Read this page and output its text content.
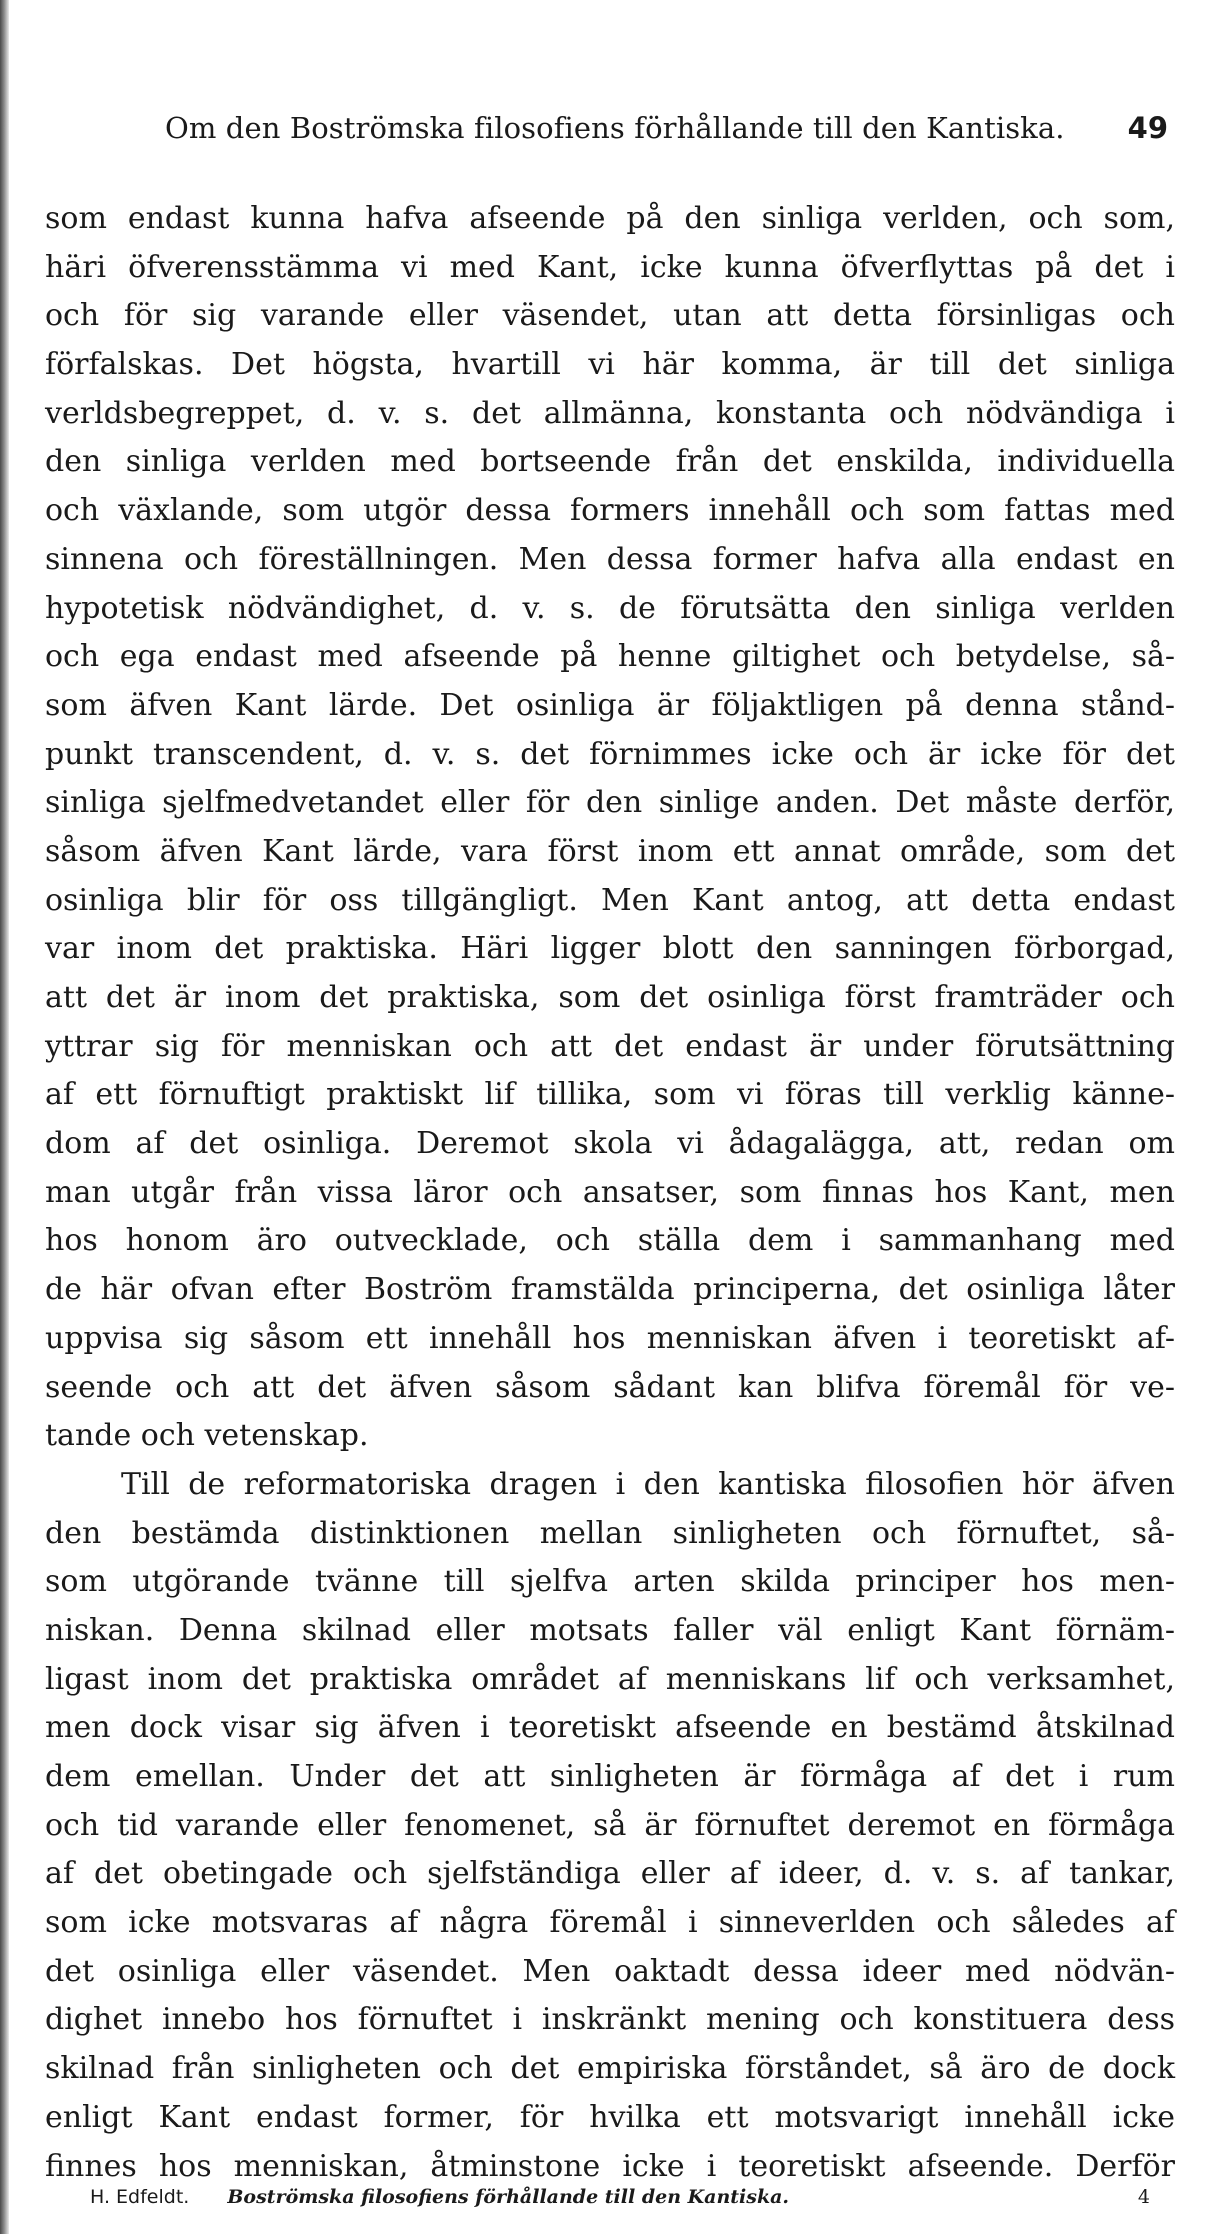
Om den Boströmska filosofiens förhållande till den Kantiska. 49
som endast kunna hafva afseende på den sinliga verlden, och som,
häri öfverensstämma vi med Kant, icke kunna öfverflyttas på det i
och för sig varande eller väsendet, utan att detta försinligas och
förfalskas. Det högsta, hvartill vi här komma, är till det sinliga
verldsbegreppet, d. v. s. det allmänna, konstanta och nödvändiga i
den sinliga verlden med bortseende från det enskilda, individuella
och växlande, som utgör dessa formers innehåll och som fattas med
sinnena och föreställningen. Men dessa former hafva alla endast en
hypotetisk nödvändighet, d. v. s. de förutsätta den sinliga verlden
och ega endast med afseende på henne giltighet och betydelse, så-
som äfven Kant lärde. Det osinliga är följaktligen på denna stånd-
punkt transcendent, d. v. s. det förnimmes icke och är icke för det
sinliga sjelfmedvetandet eller för den sinlige anden. Det måste derför,
såsom äfven Kant lärde, vara först inom ett annat område, som det
osinliga blir för oss tillgängligt. Men Kant antog, att detta endast
var inom det praktiska. Häri ligger blott den sanningen förborgad,
att det är inom det praktiska, som det osinliga först framträder och
yttrar sig för menniskan och att det endast är under förutsättning
af ett förnuftigt praktiskt lif tillika, som vi föras till verklig känne-
dom af det osinliga. Deremot skola vi ådagalägga, att, redan om
man utgår från vissa läror och ansatser, som finnas hos Kant, men
hos honom äro outvecklade, och ställa dem i sammanhang med
de här ofvan efter Boström framstälda principerna, det osinliga låter
uppvisa sig såsom ett innehåll hos menniskan äfven i teoretiskt af-
seende och att det äfven såsom sådant kan blifva föremål för ve-
tande och vetenskap.
Till de reformatoriska dragen i den kantiska filosofien hör äfven
den bestämda distinktionen mellan sinligheten och förnuftet, så-
som utgörande tvänne till sjelfva arten skilda principer hos men-
niskan. Denna skilnad eller motsats faller väl enligt Kant förnäm-
ligast inom det praktiska området af menniskans lif och verksamhet,
men dock visar sig äfven i teoretiskt afseende en bestämd åtskilnad
dem emellan. Under det att sinligheten är förmåga af det i rum
och tid varande eller fenomenet, så är förnuftet deremot en förmåga
af det obetingade och sjelfständiga eller af ideer, d. v. s. af tankar,
som icke motsvaras af några föremål i sinneverlden och således af
det osinliga eller väsendet. Men oaktadt dessa ideer med nödvän-
dighet innebo hos förnuftet i inskränkt mening och konstituera dess
skilnad från sinligheten och det empiriska förståndet, så äro de dock
enligt Kant endast former, för hvilka ett motsvarigt innehåll icke
finnes hos menniskan, åtminstone icke i teoretiskt afseende. Derför
H. Edfeldt. Boströmska filosofiens förhållande till den Kantiska.	4
